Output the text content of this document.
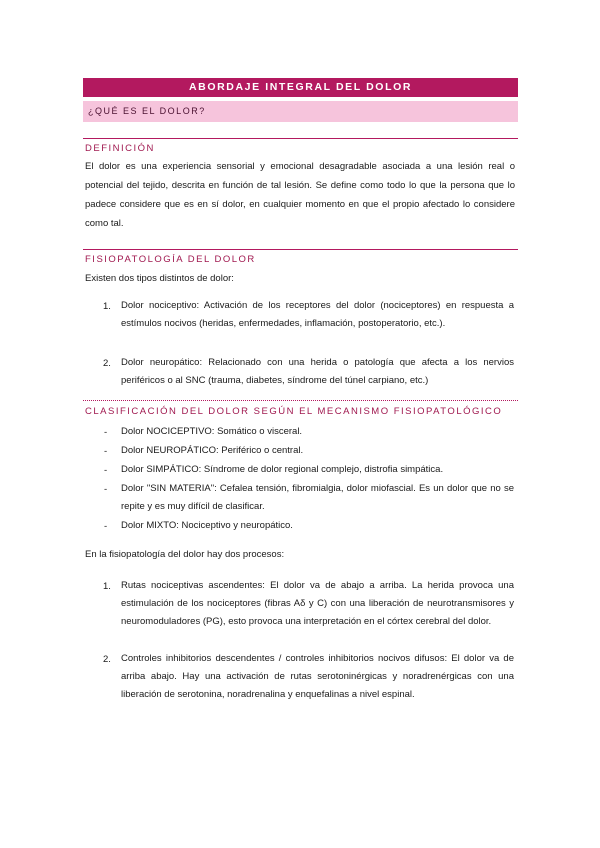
ABORDAJE INTEGRAL DEL DOLOR
¿QUÉ ES EL DOLOR?
DEFINICIÓN

El dolor es una experiencia sensorial y emocional desagradable asociada a una lesión real o potencial del tejido, descrita en función de tal lesión. Se define como todo lo que la persona que lo padece considere que es en sí dolor, en cualquier momento en que el propio afectado lo considere como tal.

FISIOPATOLOGÍA DEL DOLOR
Existen dos tipos distintos de dolor:
1. Dolor nociceptivo: Activación de los receptores del dolor (nociceptores) en respuesta a estímulos nocivos (heridas, enfermedades, inflamación, postoperatorio, etc.).

2. Dolor neuropático: Relacionado con una herida o patología que afecta a los nervios periféricos o al SNC (trauma, diabetes, síndrome del túnel carpiano, etc.)

CLASIFICACIÓN DEL DOLOR SEGÚN EL MECANISMO FISIOPATOLÓGICO
- Dolor NOCICEPTIVO: Somático o visceral.

- Dolor NEUROPÁTICO: Periférico o central.

- Dolor SIMPÁTICO: Síndrome de dolor regional complejo, distrofia simpática.

- Dolor "SIN MATERIA": Cefalea tensión, fibromialgia, dolor miofascial. Es un dolor que no se repite y es muy difícil de clasificar.

- Dolor MIXTO: Nociceptivo y neuropático.

En la fisiopatología del dolor hay dos procesos:
1. Rutas nociceptivas ascendentes: El dolor va de abajo a arriba. La herida provoca una estimulación de los nociceptores (fibras Aδ y C) con una liberación de neurotransmisores y neuromoduladores (PG), esto provoca una interpretación en el córtex cerebral del dolor.

2. Controles inhibitorios descendentes / controles inhibitorios nocivos difusos: El dolor va de arriba abajo. Hay una activación de rutas serotoninérgicas y noradrenérgicas con una liberación de serotonina, noradrenalina y enquefalinas a nivel espinal.
